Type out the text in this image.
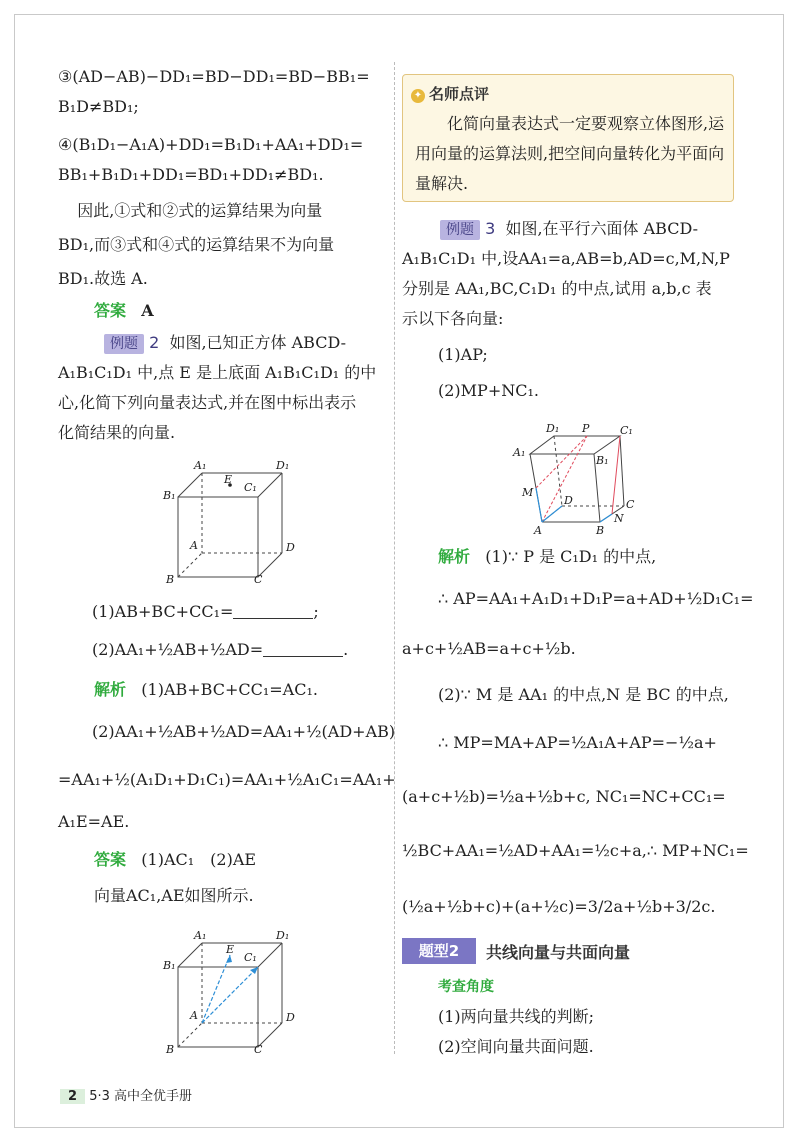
③(AD−AB)−DD₁=BD−DD₁=BD−BB₁=
B₁D≠BD₁;
④(B₁D₁−A₁A)+DD₁=B₁D₁+AA₁+DD₁=
BB₁+B₁D₁+DD₁=BD₁+DD₁≠BD₁.
因此,①式和②式的运算结果为向量
BD₁,而③式和④式的运算结果不为向量
BD₁.故选 A.
答案 A
例题 2 如图,已知正方体 ABCD-
A₁B₁C₁D₁ 中,点 E 是上底面 A₁B₁C₁D₁ 的中
心,化简下列向量表达式,并在图中标出表示
化简结果的向量.
A₁	D₁
E
C₁
B₁
A	D
B	C
(1)AB+BC+CC₁=	;
(2)AA₁+½AB+½AD=	.
解析 (1)AB+BC+CC₁=AC₁.
(2)AA₁+½AB+½AD=AA₁+½(AD+AB)
=AA₁+½(A₁D₁+D₁C₁)=AA₁+½A₁C₁=AA₁+
A₁E=AE.
答案 (1)AC₁　(2)AE
向量AC₁,AE如图所示.
A₁	D₁
E
C₁
B₁
A	D
B	C
✦ 名师点评
化简向量表达式一定要观察立体图形,运用向量的运算法则,把空间向量转化为平面向量解决.
例题 3 如图,在平行六面体 ABCD-
A₁B₁C₁D₁ 中,设AA₁=a,AB=b,AD=c,M,N,P
分别是 AA₁,BC,C₁D₁ 的中点,试用 a,b,c 表
示以下各向量:
(1)AP;
(2)MP+NC₁.
D₁ P	C₁
A₁
B₁
M
D	C
A
N
B
解析 (1)∵ P 是 C₁D₁ 的中点,
∴ AP=AA₁+A₁D₁+D₁P=a+AD+½D₁C₁=
a+c+½AB=a+c+½b.
(2)∵ M 是 AA₁ 的中点,N 是 BC 的中点,
∴ MP=MA+AP=½A₁A+AP=−½a+
(a+c+½b)=½a+½b+c, NC₁=NC+CC₁=
½BC+AA₁=½AD+AA₁=½c+a,∴ MP+NC₁=
(½a+½b+c)+(a+½c)=3/2a+½b+3/2c.
题型2	共线向量与共面向量
考查角度
(1)两向量共线的判断;
(2)空间向量共面问题.
2 5·3 高中全优手册
